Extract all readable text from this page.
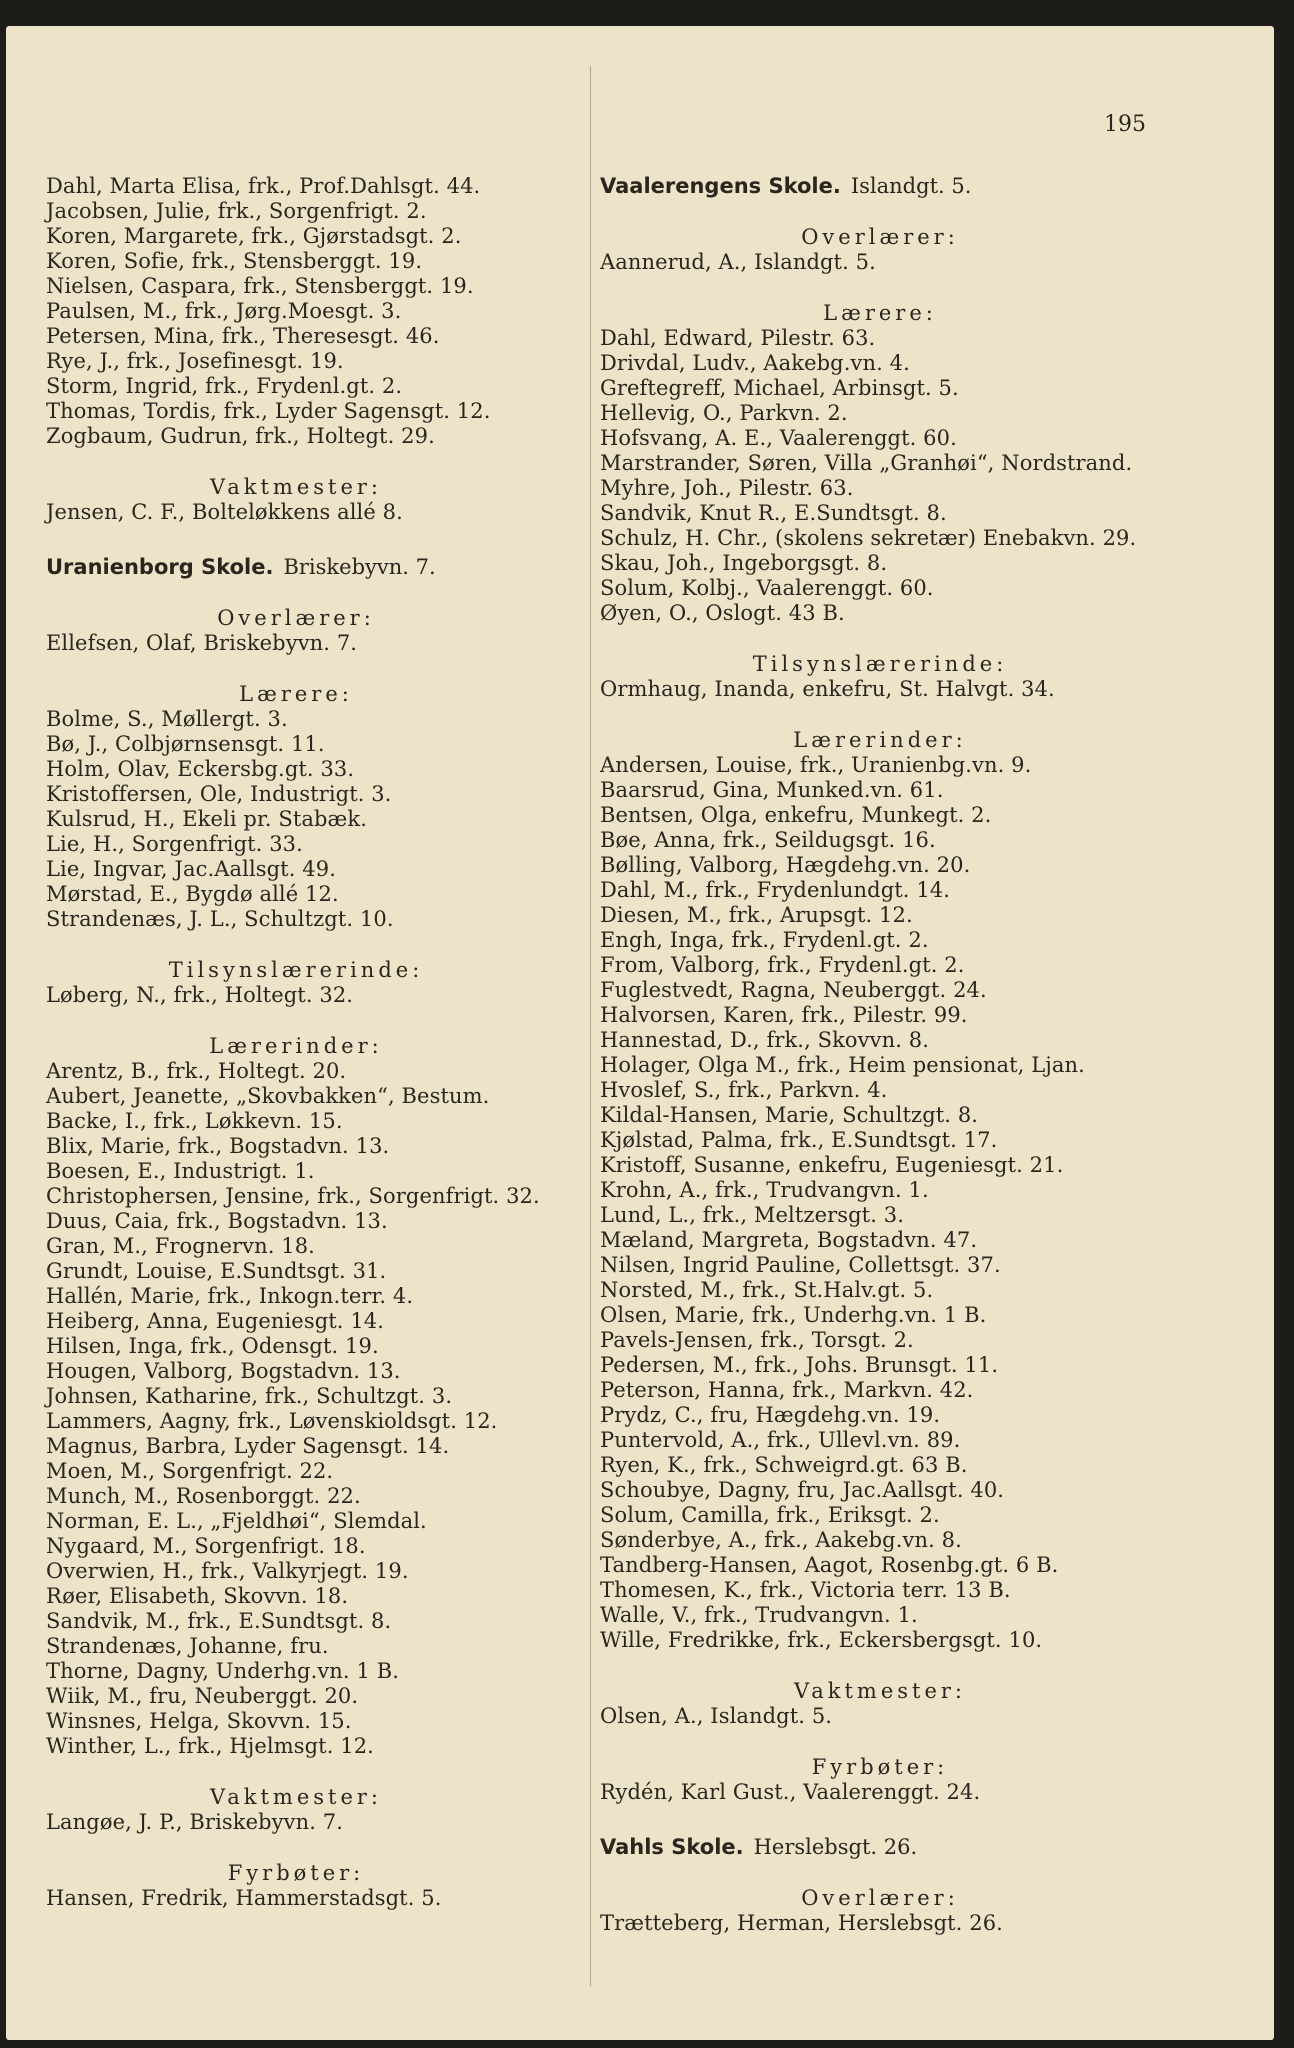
195
Dahl, Marta Elisa, frk., Prof.Dahlsgt. 44.
Jacobsen, Julie, frk., Sorgenfrigt. 2.
Koren, Margarete, frk., Gjørstadsgt. 2.
Koren, Sofie, frk., Stensberggt. 19.
Nielsen, Caspara, frk., Stensberggt. 19.
Paulsen, M., frk., Jørg.Moesgt. 3.
Petersen, Mina, frk., Theresesgt. 46.
Rye, J., frk., Josefinesgt. 19.
Storm, Ingrid, frk., Frydenl.gt. 2.
Thomas, Tordis, frk., Lyder Sagensgt. 12.
Zogbaum, Gudrun, frk., Holtegt. 29.
Vaktmester:
Jensen, C. F., Bolteløkkens allé 8.
Uranienborg Skole. Briskebyvn. 7.
Overlærer:
Ellefsen, Olaf, Briskebyvn. 7.
Lærere:
Bolme, S., Møllergt. 3.
Bø, J., Colbjørnsensgt. 11.
Holm, Olav, Eckersbg.gt. 33.
Kristoffersen, Ole, Industrigt. 3.
Kulsrud, H., Ekeli pr. Stabæk.
Lie, H., Sorgenfrigt. 33.
Lie, Ingvar, Jac.Aallsgt. 49.
Mørstad, E., Bygdø allé 12.
Strandenæs, J. L., Schultzgt. 10.
Tilsynslærerinde:
Løberg, N., frk., Holtegt. 32.
Lærerinder:
Arentz, B., frk., Holtegt. 20.
Aubert, Jeanette, „Skovbakken“, Bestum.
Backe, I., frk., Løkkevn. 15.
Blix, Marie, frk., Bogstadvn. 13.
Boesen, E., Industrigt. 1.
Christophersen, Jensine, frk., Sorgenfrigt. 32.
Duus, Caia, frk., Bogstadvn. 13.
Gran, M., Frognervn. 18.
Grundt, Louise, E.Sundtsgt. 31.
Hallén, Marie, frk., Inkogn.terr. 4.
Heiberg, Anna, Eugeniesgt. 14.
Hilsen, Inga, frk., Odensgt. 19.
Hougen, Valborg, Bogstadvn. 13.
Johnsen, Katharine, frk., Schultzgt. 3.
Lammers, Aagny, frk., Løvenskioldsgt. 12.
Magnus, Barbra, Lyder Sagensgt. 14.
Moen, M., Sorgenfrigt. 22.
Munch, M., Rosenborggt. 22.
Norman, E. L., „Fjeldhøi“, Slemdal.
Nygaard, M., Sorgenfrigt. 18.
Overwien, H., frk., Valkyrjegt. 19.
Røer, Elisabeth, Skovvn. 18.
Sandvik, M., frk., E.Sundtsgt. 8.
Strandenæs, Johanne, fru.
Thorne, Dagny, Underhg.vn. 1 B.
Wiik, M., fru, Neuberggt. 20.
Winsnes, Helga, Skovvn. 15.
Winther, L., frk., Hjelmsgt. 12.
Vaktmester:
Langøe, J. P., Briskebyvn. 7.
Fyrbøter:
Hansen, Fredrik, Hammerstadsgt. 5.
Vaalerengens Skole. Islandgt. 5.
Overlærer:
Aannerud, A., Islandgt. 5.
Lærere:
Dahl, Edward, Pilestr. 63.
Drivdal, Ludv., Aakebg.vn. 4.
Greftegreff, Michael, Arbinsgt. 5.
Hellevig, O., Parkvn. 2.
Hofsvang, A. E., Vaalerenggt. 60.
Marstrander, Søren, Villa „Granhøi“, Nordstrand.
Myhre, Joh., Pilestr. 63.
Sandvik, Knut R., E.Sundtsgt. 8.
Schulz, H. Chr., (skolens sekretær) Enebakvn. 29.
Skau, Joh., Ingeborgsgt. 8.
Solum, Kolbj., Vaalerenggt. 60.
Øyen, O., Oslogt. 43 B.
Tilsynslærerinde:
Ormhaug, Inanda, enkefru, St. Halvgt. 34.
Lærerinder:
Andersen, Louise, frk., Uranienbg.vn. 9.
Baarsrud, Gina, Munked.vn. 61.
Bentsen, Olga, enkefru, Munkegt. 2.
Bøe, Anna, frk., Seildugsgt. 16.
Bølling, Valborg, Hægdehg.vn. 20.
Dahl, M., frk., Frydenlundgt. 14.
Diesen, M., frk., Arupsgt. 12.
Engh, Inga, frk., Frydenl.gt. 2.
From, Valborg, frk., Frydenl.gt. 2.
Fuglestvedt, Ragna, Neuberggt. 24.
Halvorsen, Karen, frk., Pilestr. 99.
Hannestad, D., frk., Skovvn. 8.
Holager, Olga M., frk., Heim pensionat, Ljan.
Hvoslef, S., frk., Parkvn. 4.
Kildal-Hansen, Marie, Schultzgt. 8.
Kjølstad, Palma, frk., E.Sundtsgt. 17.
Kristoff, Susanne, enkefru, Eugeniesgt. 21.
Krohn, A., frk., Trudvangvn. 1.
Lund, L., frk., Meltzersgt. 3.
Mæland, Margreta, Bogstadvn. 47.
Nilsen, Ingrid Pauline, Collettsgt. 37.
Norsted, M., frk., St.Halv.gt. 5.
Olsen, Marie, frk., Underhg.vn. 1 B.
Pavels-Jensen, frk., Torsgt. 2.
Pedersen, M., frk., Johs. Brunsgt. 11.
Peterson, Hanna, frk., Markvn. 42.
Prydz, C., fru, Hægdehg.vn. 19.
Puntervold, A., frk., Ullevl.vn. 89.
Ryen, K., frk., Schweigrd.gt. 63 B.
Schoubye, Dagny, fru, Jac.Aallsgt. 40.
Solum, Camilla, frk., Eriksgt. 2.
Sønderbye, A., frk., Aakebg.vn. 8.
Tandberg-Hansen, Aagot, Rosenbg.gt. 6 B.
Thomesen, K., frk., Victoria terr. 13 B.
Walle, V., frk., Trudvangvn. 1.
Wille, Fredrikke, frk., Eckersbergsgt. 10.
Vaktmester:
Olsen, A., Islandgt. 5.
Fyrbøter:
Rydén, Karl Gust., Vaalerenggt. 24.
Vahls Skole. Herslebsgt. 26.
Overlærer:
Trætteberg, Herman, Herslebsgt. 26.
